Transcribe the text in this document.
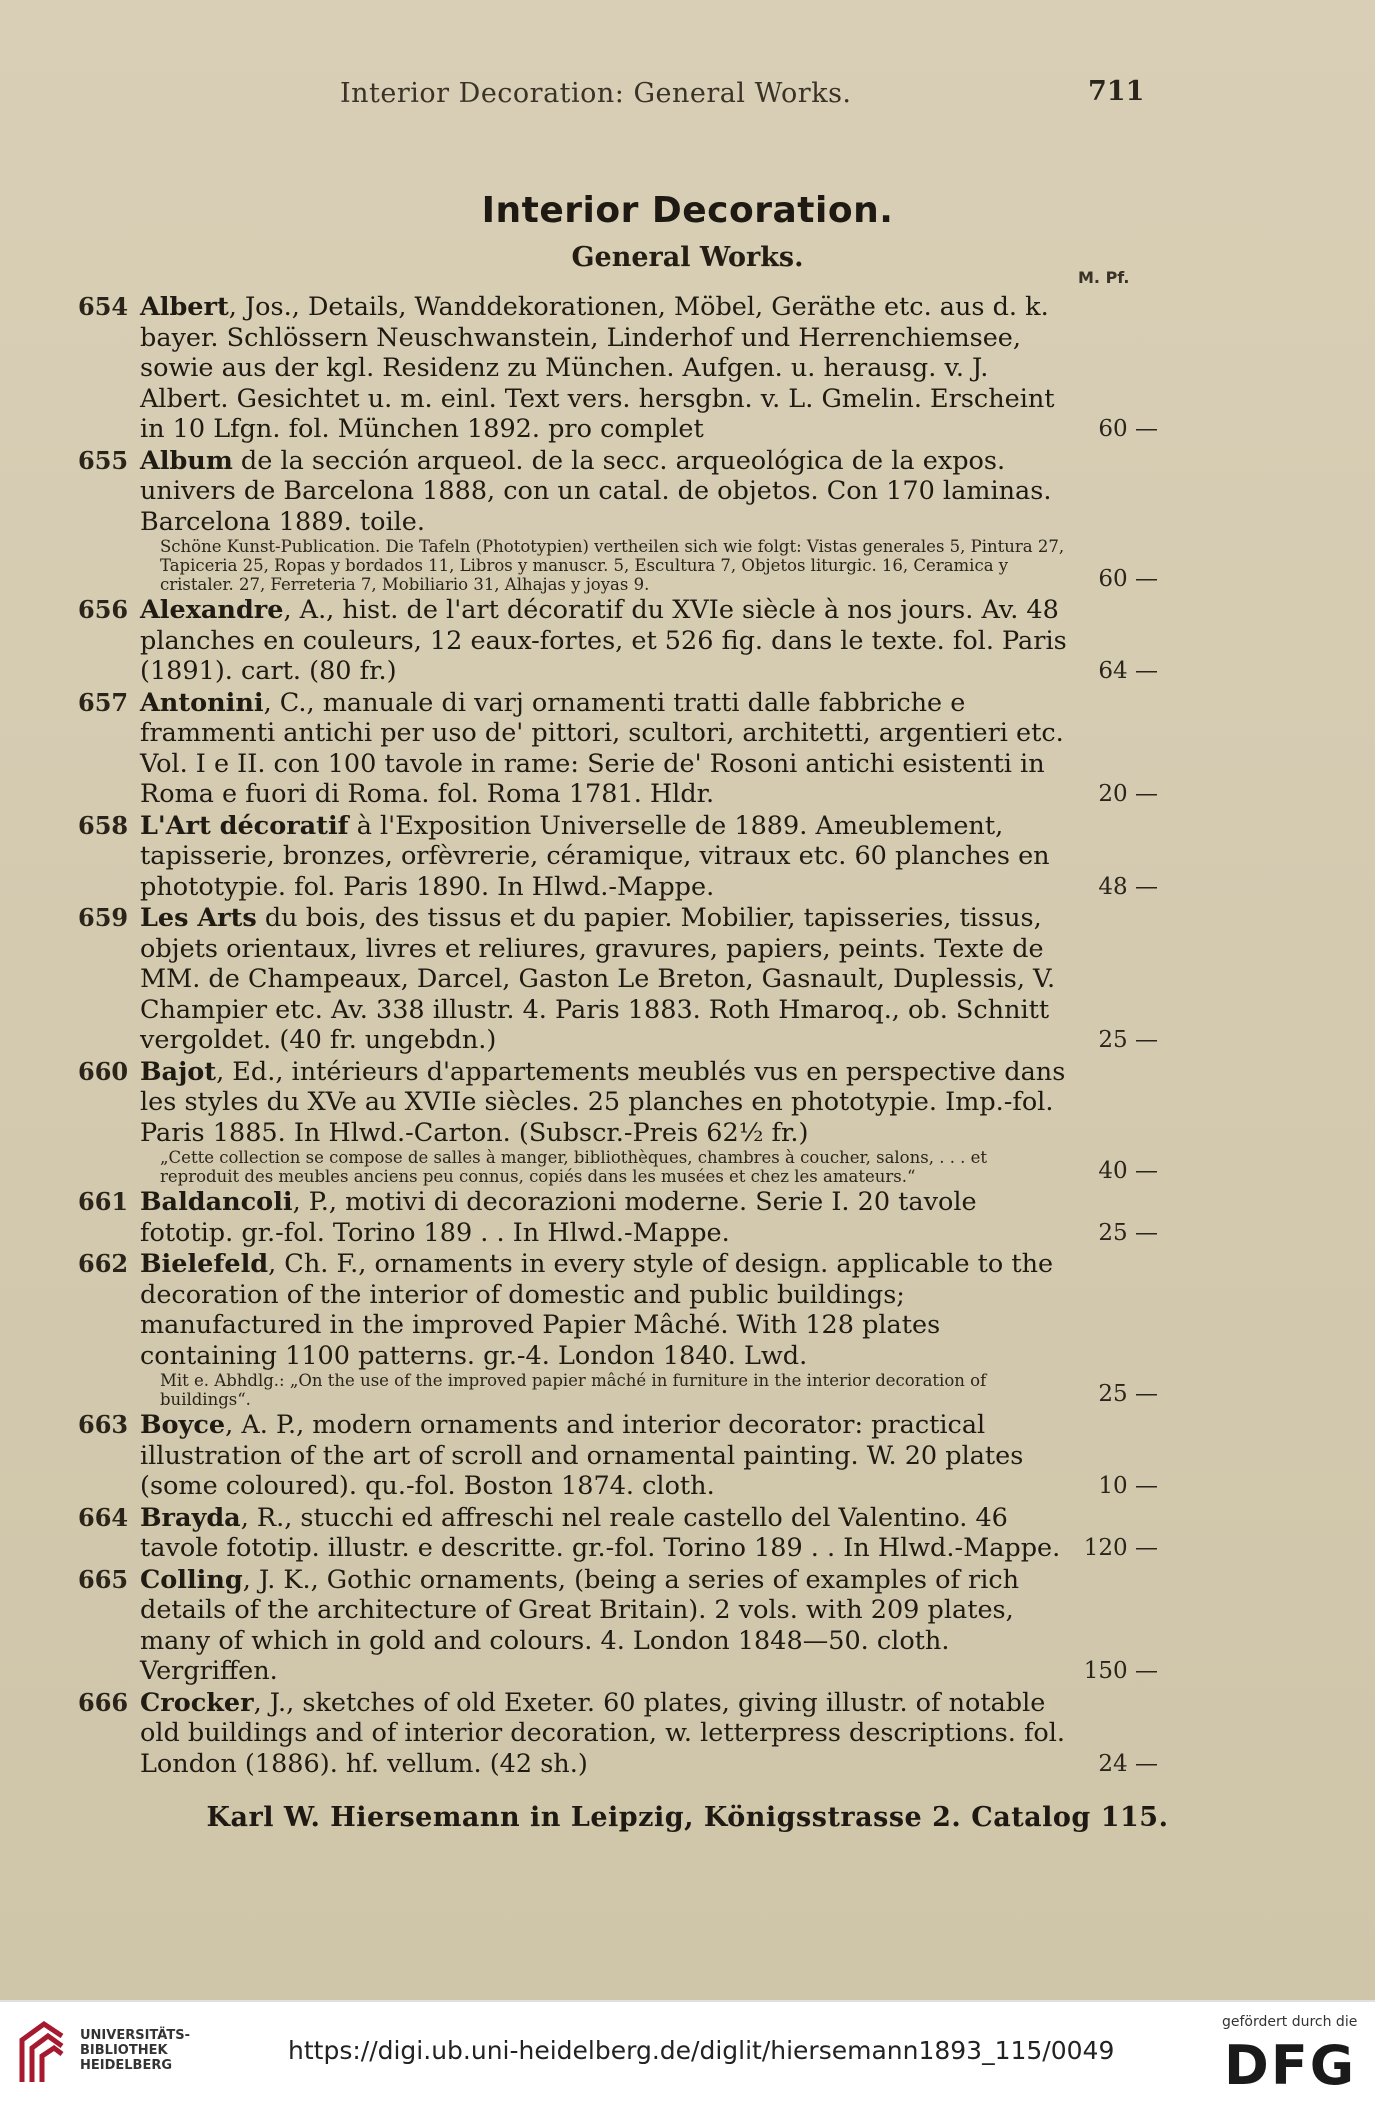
Interior Decoration: General Works.	711
Interior Decoration.
General Works.
M. Pf.
654 Albert, Jos., Details, Wanddekorationen, Möbel, Geräthe etc. aus d. k. bayer. Schlössern Neuschwanstein, Linderhof und Herrenchiemsee, sowie aus der kgl. Residenz zu München. Aufgen. u. herausg. v. J. Albert. Gesichtet u. m. einl. Text vers. hersgbn. v. L. Gmelin. Erscheint in 10 Lfgn. fol. München 1892. pro complet	60 —
655 Album de la sección arqueol. de la secc. arqueológica de la expos. univers de Barcelona 1888, con un catal. de objetos. Con 170 laminas. Barcelona 1889. toile.
Schöne Kunst-Publication. Die Tafeln (Phototypien) vertheilen sich wie folgt: Vistas generales 5, Pintura 27, Tapiceria 25, Ropas y bordados 11, Libros y manuscr. 5, Escultura 7, Objetos liturgic. 16, Ceramica y cristaler. 27, Ferreteria 7, Mobiliario 31, Alhajas y joyas 9.	60 —
656 Alexandre, A., hist. de l'art décoratif du XVIe siècle à nos jours. Av. 48 planches en couleurs, 12 eaux-fortes, et 526 fig. dans le texte. fol. Paris (1891). cart. (80 fr.)	64 —
657 Antonini, C., manuale di varj ornamenti tratti dalle fabbriche e frammenti antichi per uso de' pittori, scultori, architetti, argentieri etc. Vol. I e II. con 100 tavole in rame: Serie de' Rosoni antichi esistenti in Roma e fuori di Roma. fol. Roma 1781. Hldr.	20 —
658 L'Art décoratif à l'Exposition Universelle de 1889. Ameublement, tapisserie, bronzes, orfèvrerie, céramique, vitraux etc. 60 planches en phototypie. fol. Paris 1890. In Hlwd.-Mappe.	48 —
659 Les Arts du bois, des tissus et du papier. Mobilier, tapisseries, tissus, objets orientaux, livres et reliures, gravures, papiers, peints. Texte de MM. de Champeaux, Darcel, Gaston Le Breton, Gasnault, Duplessis, V. Champier etc. Av. 338 illustr. 4. Paris 1883. Roth Hmaroq., ob. Schnitt vergoldet. (40 fr. ungebdn.)	25 —
660 Bajot, Ed., intérieurs d'appartements meublés vus en perspective dans les styles du XVe au XVIIe siècles. 25 planches en phototypie. Imp.-fol. Paris 1885. In Hlwd.-Carton. (Subscr.-Preis 62½ fr.)
„Cette collection se compose de salles à manger, bibliothèques, chambres à coucher, salons, . . . et reproduit des meubles anciens peu connus, copiés dans les musées et chez les amateurs.“	40 —
661 Baldancoli, P., motivi di decorazioni moderne. Serie I. 20 tavole fototip. gr.-fol. Torino 189 . . In Hlwd.-Mappe.	25 —
662 Bielefeld, Ch. F., ornaments in every style of design. applicable to the decoration of the interior of domestic and public buildings; manufactured in the improved Papier Mâché. With 128 plates containing 1100 patterns. gr.-4. London 1840. Lwd.
Mit e. Abhdlg.: „On the use of the improved papier mâché in furniture in the interior decoration of buildings“.	25 —
663 Boyce, A. P., modern ornaments and interior decorator: practical illustration of the art of scroll and ornamental painting. W. 20 plates (some coloured). qu.-fol. Boston 1874. cloth.	10 —
664 Brayda, R., stucchi ed affreschi nel reale castello del Valentino. 46 tavole fototip. illustr. e descritte. gr.-fol. Torino 189 . . In Hlwd.-Mappe. 120 —
665 Colling, J. K., Gothic ornaments, (being a series of examples of rich details of the architecture of Great Britain). 2 vols. with 209 plates, many of which in gold and colours. 4. London 1848—50. cloth. Vergriffen.	150 —
666 Crocker, J., sketches of old Exeter. 60 plates, giving illustr. of notable old buildings and of interior decoration, w. letterpress descriptions. fol. London (1886). hf. vellum. (42 sh.)	24 —
Karl W. Hiersemann in Leipzig, Königsstrasse 2. Catalog 115.
UNIVERSITÄTS-
BIBLIOTHEK
HEIDELBERG
https://digi.ub.uni-heidelberg.de/diglit/hiersemann1893_115/0049
gefördert durch die
DFG
